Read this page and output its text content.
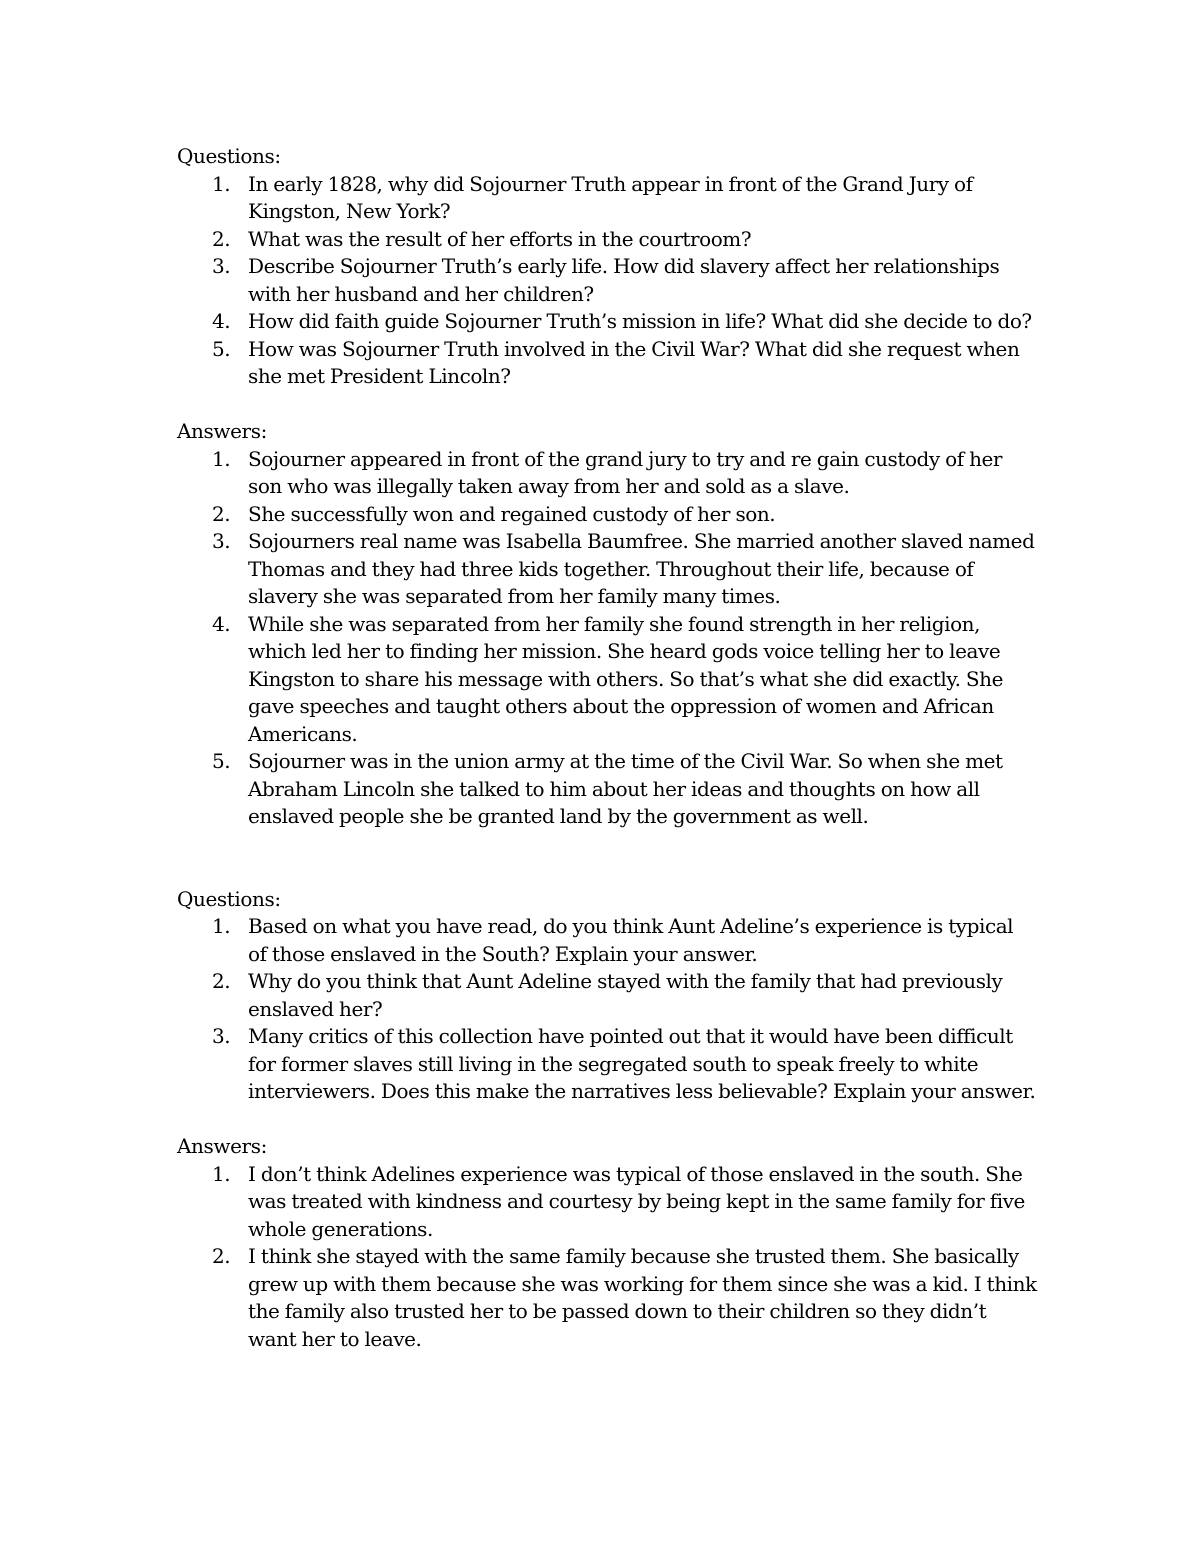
Questions:

1. In early 1828, why did Sojourner Truth appear in front of the Grand Jury of Kingston, New York?
2. What was the result of her efforts in the courtroom?
3. Describe Sojourner Truth’s early life. How did slavery affect her relationships with her husband and her children?
4. How did faith guide Sojourner Truth’s mission in life? What did she decide to do?
5. How was Sojourner Truth involved in the Civil War? What did she request when she met President Lincoln?

Answers:

1. Sojourner appeared in front of the grand jury to try and re gain custody of her son who was illegally taken away from her and sold as a slave.
2. She successfully won and regained custody of her son.
3. Sojourners real name was Isabella Baumfree. She married another slaved named Thomas and they had three kids together. Throughout their life, because of slavery she was separated from her family many times.
4. While she was separated from her family she found strength in her religion, which led her to finding her mission. She heard gods voice telling her to leave Kingston to share his message with others. So that’s what she did exactly. She gave speeches and taught others about the oppression of women and African Americans.
5. Sojourner was in the union army at the time of the Civil War. So when she met Abraham Lincoln she talked to him about her ideas and thoughts on how all enslaved people she be granted land by the government as well.

Questions:

1. Based on what you have read, do you think Aunt Adeline’s experience is typical of those enslaved in the South? Explain your answer.
2. Why do you think that Aunt Adeline stayed with the family that had previously enslaved her?
3. Many critics of this collection have pointed out that it would have been difficult for former slaves still living in the segregated south to speak freely to white interviewers. Does this make the narratives less believable? Explain your answer.

Answers:

1. I don’t think Adelines experience was typical of those enslaved in the south. She was treated with kindness and courtesy by being kept in the same family for five whole generations.
2. I think she stayed with the same family because she trusted them. She basically grew up with them because she was working for them since she was a kid. I think the family also trusted her to be passed down to their children so they didn’t want her to leave.
